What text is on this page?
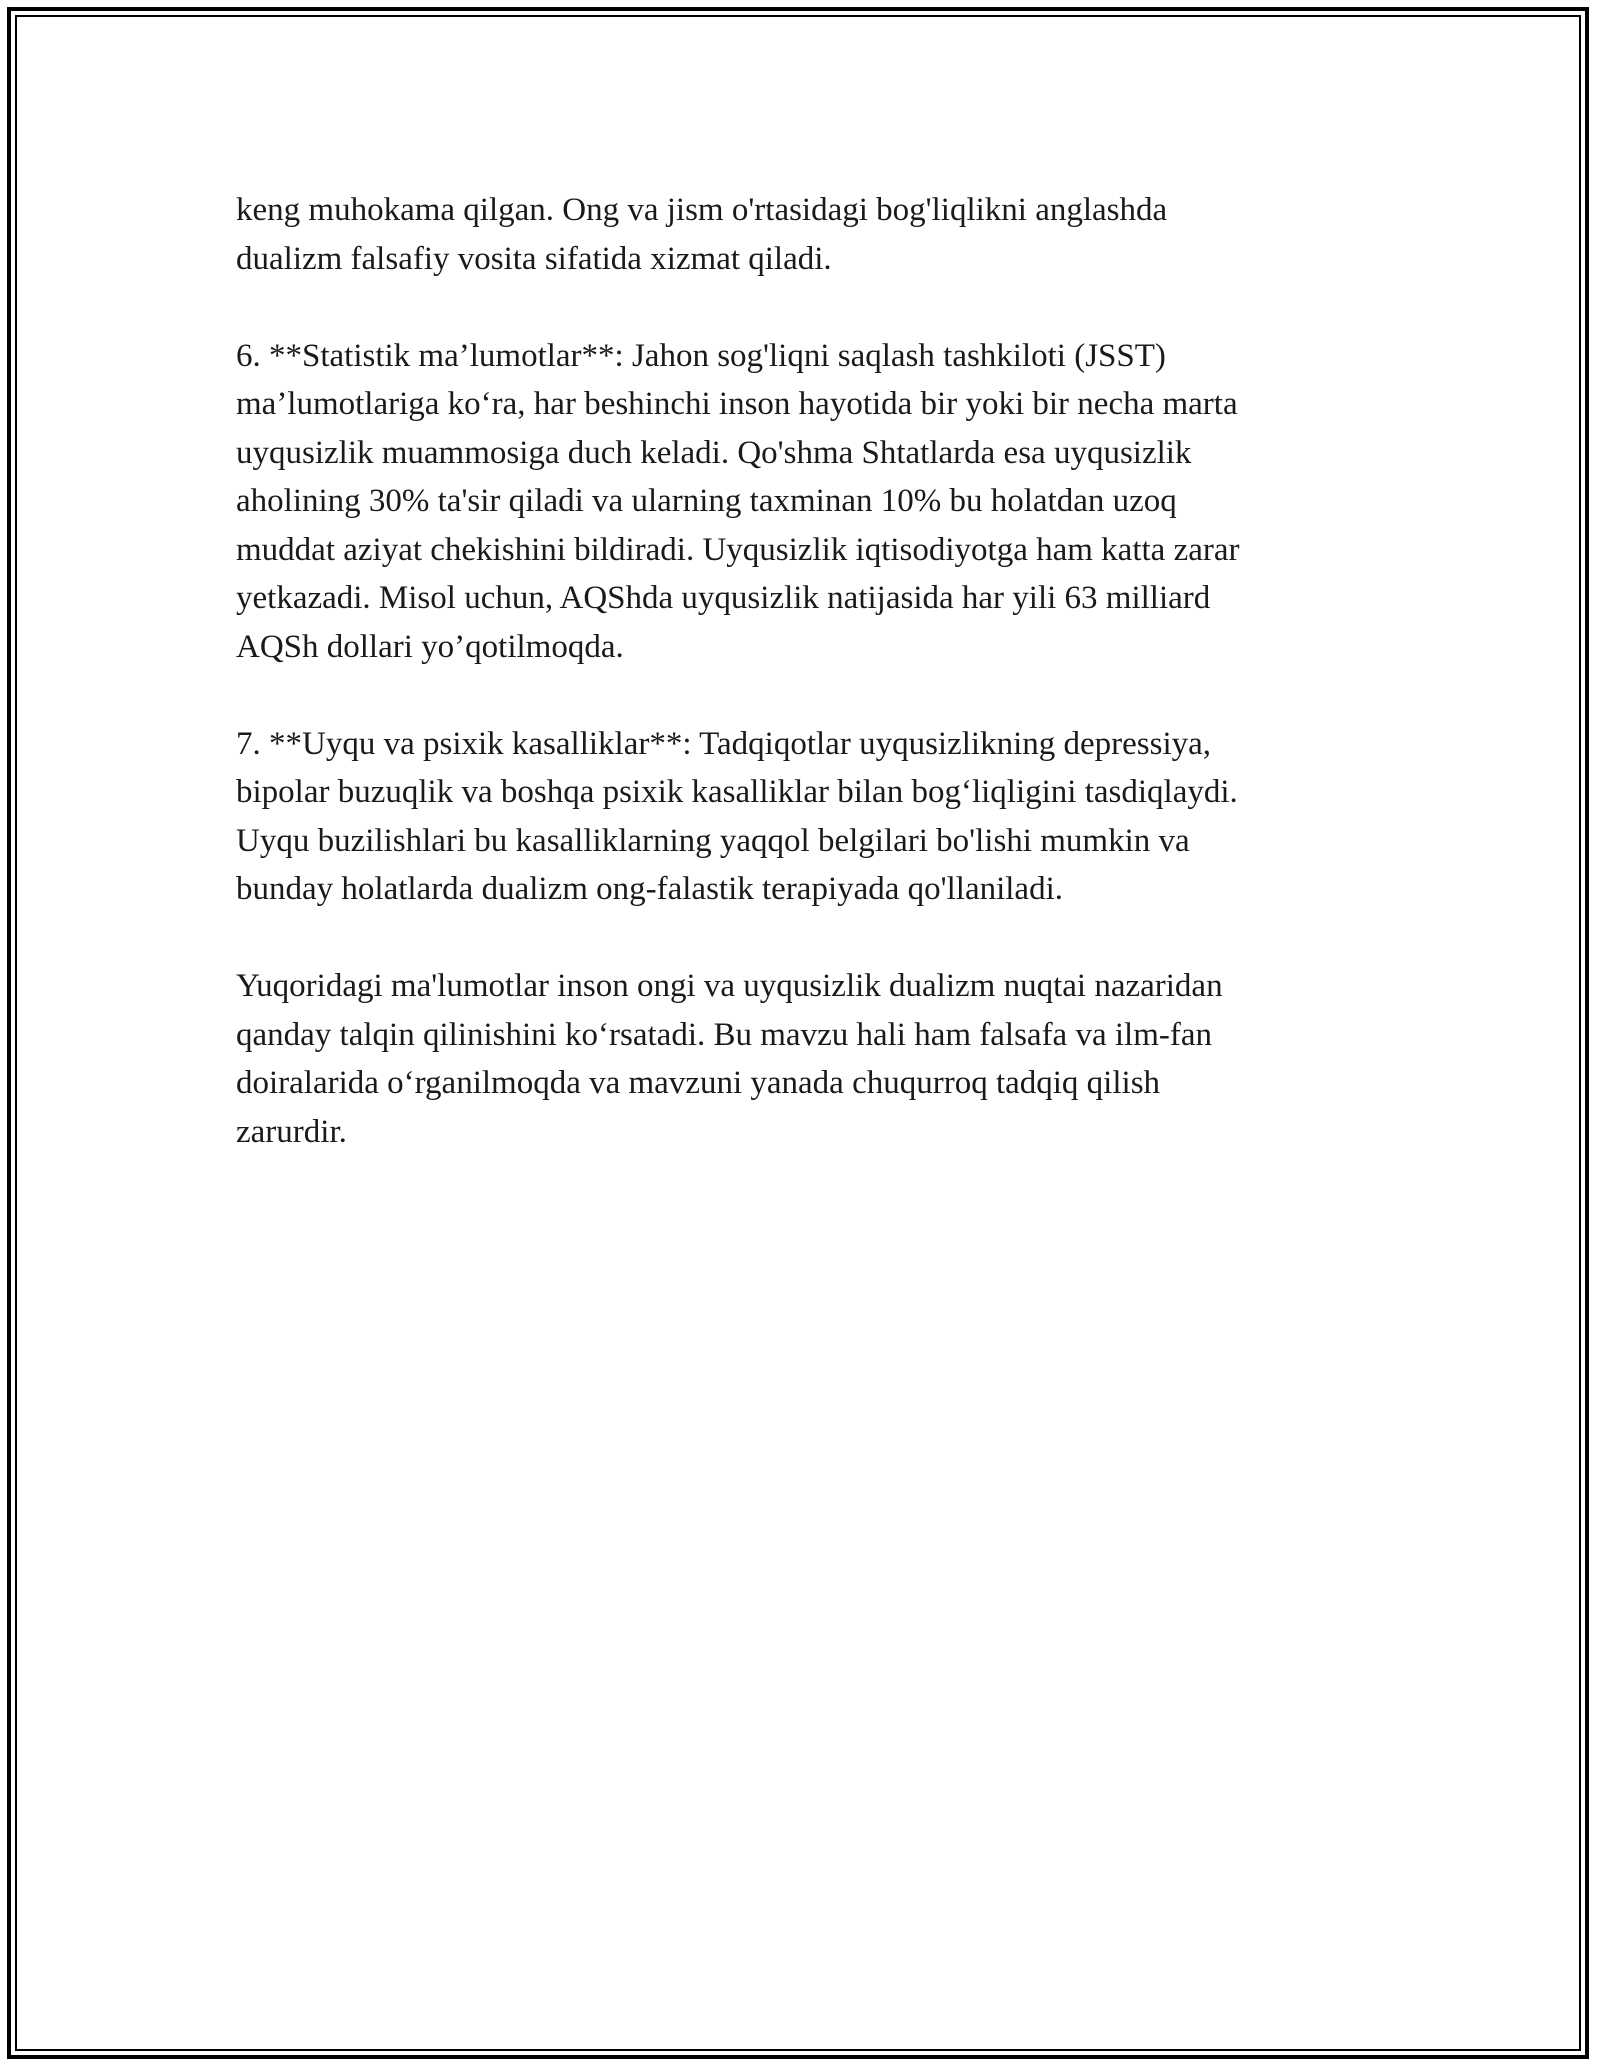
keng muhokama qilgan. Ong va jism o'rtasidagi bog'liqlikni anglashda
dualizm falsafiy vosita sifatida xizmat qiladi.

6. **Statistik ma’lumotlar**: Jahon sog'liqni saqlash tashkiloti (JSST)
ma’lumotlariga ko‘ra, har beshinchi inson hayotida bir yoki bir necha marta
uyqusizlik muammosiga duch keladi. Qo'shma Shtatlarda esa uyqusizlik
aholining 30% ta'sir qiladi va ularning taxminan 10% bu holatdan uzoq
muddat aziyat chekishini bildiradi. Uyqusizlik iqtisodiyotga ham katta zarar
yetkazadi. Misol uchun, AQShda uyqusizlik natijasida har yili 63 milliard
AQSh dollari yo’qotilmoqda.

7. **Uyqu va psixik kasalliklar**: Tadqiqotlar uyqusizlikning depressiya,
bipolar buzuqlik va boshqa psixik kasalliklar bilan bog‘liqligini tasdiqlaydi.
Uyqu buzilishlari bu kasalliklarning yaqqol belgilari bo'lishi mumkin va
bunday holatlarda dualizm ong-falastik terapiyada qo'llaniladi.

Yuqoridagi ma'lumotlar inson ongi va uyqusizlik dualizm nuqtai nazaridan
qanday talqin qilinishini ko‘rsatadi. Bu mavzu hali ham falsafa va ilm-fan
doiralarida o‘rganilmoqda va mavzuni yanada chuqurroq tadqiq qilish
zarurdir.
